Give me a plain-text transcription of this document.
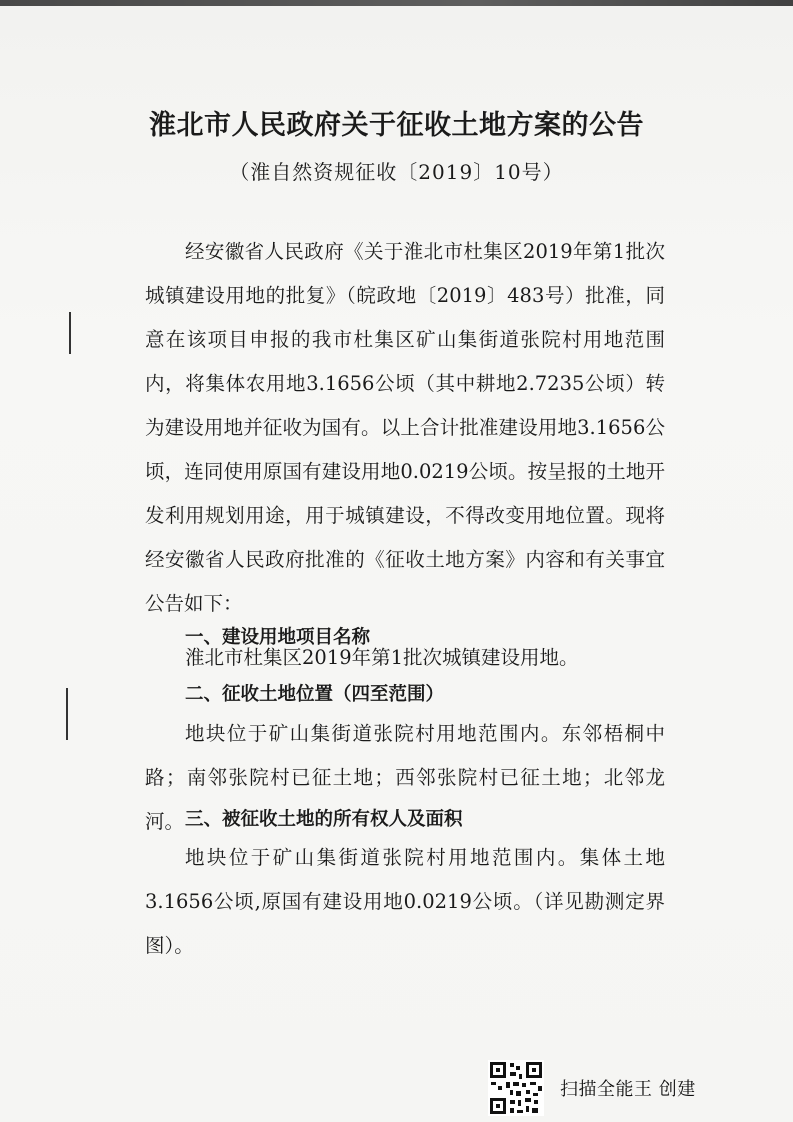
淮北市人民政府关于征收土地方案的公告
（淮自然资规征收〔2019〕10号）
经安徽省人民政府《关于淮北市杜集区2019年第1批次城镇建设用地的批复》（皖政地〔2019〕483号）批准，同意在该项目申报的我市杜集区矿山集街道张院村用地范围内，将集体农用地3.1656公顷（其中耕地2.7235公顷）转为建设用地并征收为国有。以上合计批准建设用地3.1656公顷，连同使用原国有建设用地0.0219公顷。按呈报的土地开发利用规划用途，用于城镇建设，不得改变用地位置。现将经安徽省人民政府批准的《征收土地方案》内容和有关事宜公告如下：
一、建设用地项目名称
淮北市杜集区2019年第1批次城镇建设用地。
二、征收土地位置（四至范围）
地块位于矿山集街道张院村用地范围内。东邻梧桐中路；南邻张院村已征土地；西邻张院村已征土地；北邻龙河。 三、被征收土地的所有权人及面积
地块位于矿山集街道张院村用地范围内。集体土地3.1656公顷,原国有建设用地0.0219公顷。（详见勘测定界图）。
扫描全能王 创建
